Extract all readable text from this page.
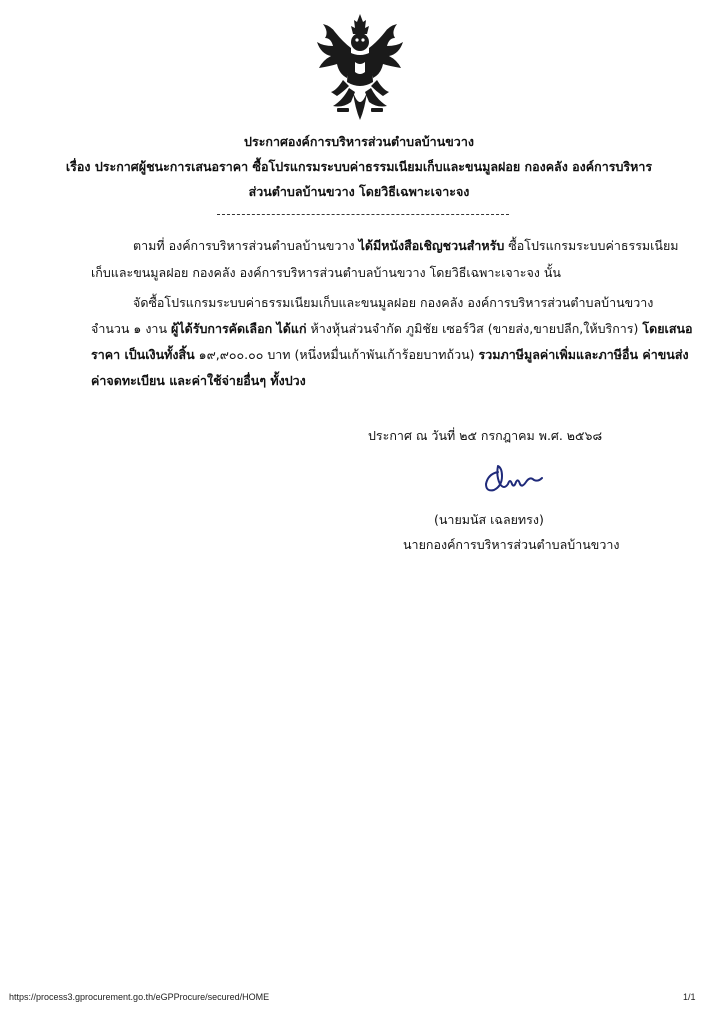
ประกาศองค์การบริหารส่วนตำบลบ้านขวาง
เรื่อง ประกาศผู้ชนะการเสนอราคา ซื้อโปรแกรมระบบค่าธรรมเนียมเก็บและขนมูลฝอย กองคลัง องค์การบริหาร
ส่วนตำบลบ้านขวาง โดยวิธีเฉพาะเจาะจง
ตามที่ องค์การบริหารส่วนตำบลบ้านขวาง ได้มีหนังสือเชิญชวนสำหรับ ซื้อโปรแกรมระบบค่าธรรมเนียม
เก็บและขนมูลฝอย กองคลัง องค์การบริหารส่วนตำบลบ้านขวาง โดยวิธีเฉพาะเจาะจง นั้น
จัดซื้อโปรแกรมระบบค่าธรรมเนียมเก็บและขนมูลฝอย กองคลัง องค์การบริหารส่วนตำบลบ้านขวาง
จำนวน ๑ งาน ผู้ได้รับการคัดเลือก ได้แก่ ห้างหุ้นส่วนจำกัด ภูมิชัย เซอร์วิส (ขายส่ง,ขายปลีก,ให้บริการ) โดยเสนอ
ราคา เป็นเงินทั้งสิ้น ๑๙,๙๐๐.๐๐ บาท (หนึ่งหมื่นเก้าพันเก้าร้อยบาทถ้วน) รวมภาษีมูลค่าเพิ่มและภาษีอื่น ค่าขนส่ง
ค่าจดทะเบียน และค่าใช้จ่ายอื่นๆ ทั้งปวง
ประกาศ ณ วันที่ ๒๕ กรกฎาคม พ.ศ. ๒๕๖๘
(นายมนัส เฉลยทรง)
นายกองค์การบริหารส่วนตำบลบ้านขวาง
https://process3.gprocurement.go.th/eGPProcure/secured/HOME	1/1
